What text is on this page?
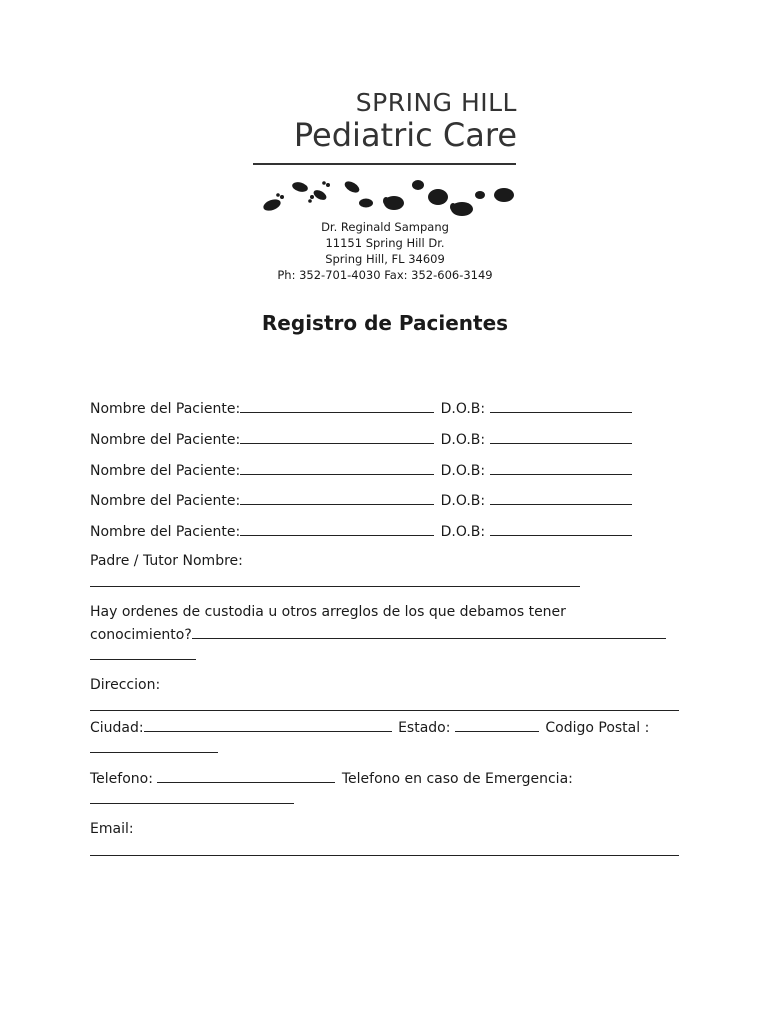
SPRING HILL
Pediatric Care
Dr. Reginald Sampang
11151 Spring Hill Dr.
Spring Hill, FL 34609
Ph: 352-701-4030 Fax: 352-606-3149
Registro de Pacientes
Nombre del Paciente:	D.O.B:
Nombre del Paciente:	D.O.B:
Nombre del Paciente:	D.O.B:
Nombre del Paciente:	D.O.B:
Nombre del Paciente:	D.O.B:
Padre / Tutor Nombre:
Hay ordenes de custodia u otros arreglos de los que debamos tener
conocimiento?
Direccion:
Ciudad:	Estado:	Codigo Postal :
Telefono:	Telefono en caso de Emergencia:
Email:
